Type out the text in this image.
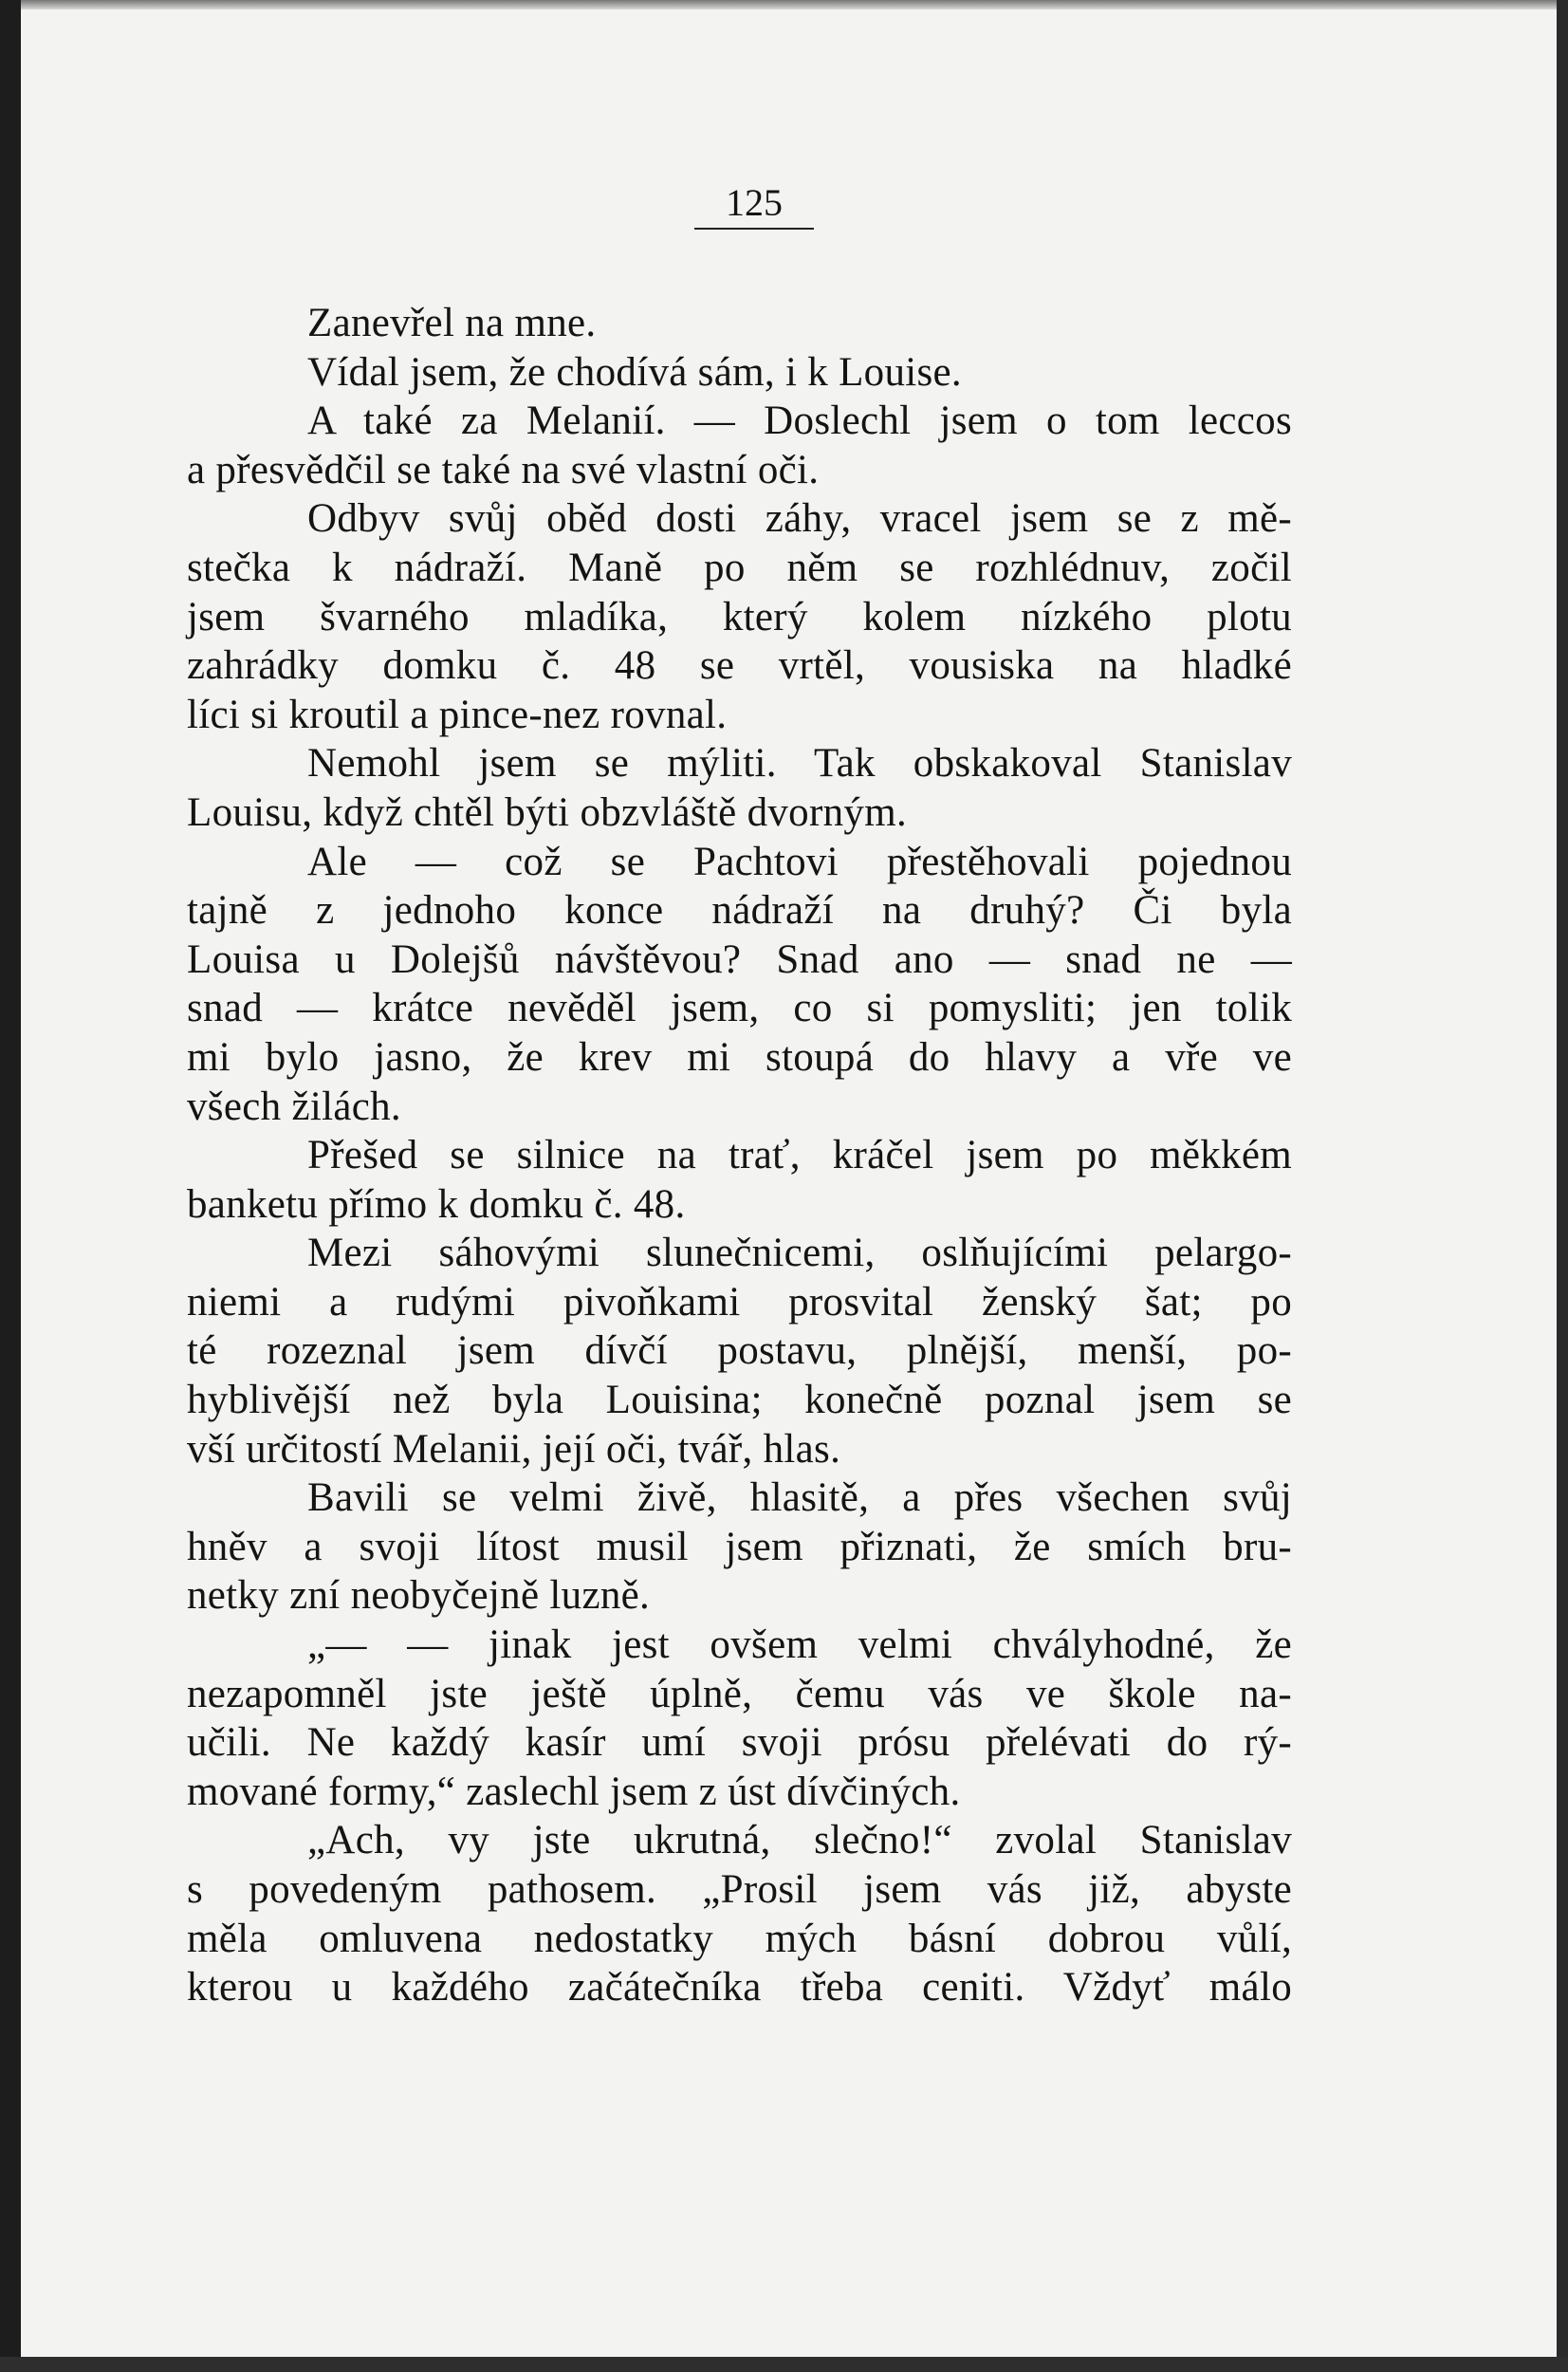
125
Zanevřel na mne.
Vídal jsem, že chodívá sám, i k Louise.
A také za Melanií. — Doslechl jsem o tom leccos
a přesvědčil se také na své vlastní oči.
Odbyv svůj oběd dosti záhy, vracel jsem se z mě-
stečka k nádraží. Maně po něm se rozhlédnuv, zočil
jsem švarného mladíka, který kolem nízkého plotu
zahrádky domku č. 48 se vrtěl, vousiska na hladké
líci si kroutil a pince-nez rovnal.
Nemohl jsem se mýliti. Tak obskakoval Stanislav
Louisu, když chtěl býti obzvláště dvorným.
Ale — což se Pachtovi přestěhovali pojednou
tajně z jednoho konce nádraží na druhý? Či byla
Louisa u Dolejšů návštěvou? Snad ano — snad ne —
snad — krátce nevěděl jsem, co si pomysliti; jen tolik
mi bylo jasno, že krev mi stoupá do hlavy a vře ve
všech žilách.
Přešed se silnice na trať, kráčel jsem po měkkém
banketu přímo k domku č. 48.
Mezi sáhovými slunečnicemi, oslňujícími pelargo-
niemi a rudými pivoňkami prosvital ženský šat; po
té rozeznal jsem dívčí postavu, plnější, menší, po-
hyblivější než byla Louisina; konečně poznal jsem se
vší určitostí Melanii, její oči, tvář, hlas.
Bavili se velmi živě, hlasitě, a přes všechen svůj
hněv a svoji lítost musil jsem přiznati, že smích bru-
netky zní neobyčejně luzně.
„— — jinak jest ovšem velmi chvályhodné, že
nezapomněl jste ještě úplně, čemu vás ve škole na-
učili. Ne každý kasír umí svoji prósu přelévati do rý-
mované formy,“ zaslechl jsem z úst dívčiných.
„Ach, vy jste ukrutná, slečno!“ zvolal Stanislav
s povedeným pathosem. „Prosil jsem vás již, abyste
měla omluvena nedostatky mých básní dobrou vůlí,
kterou u každého začátečníka třeba ceniti. Vždyť málo
